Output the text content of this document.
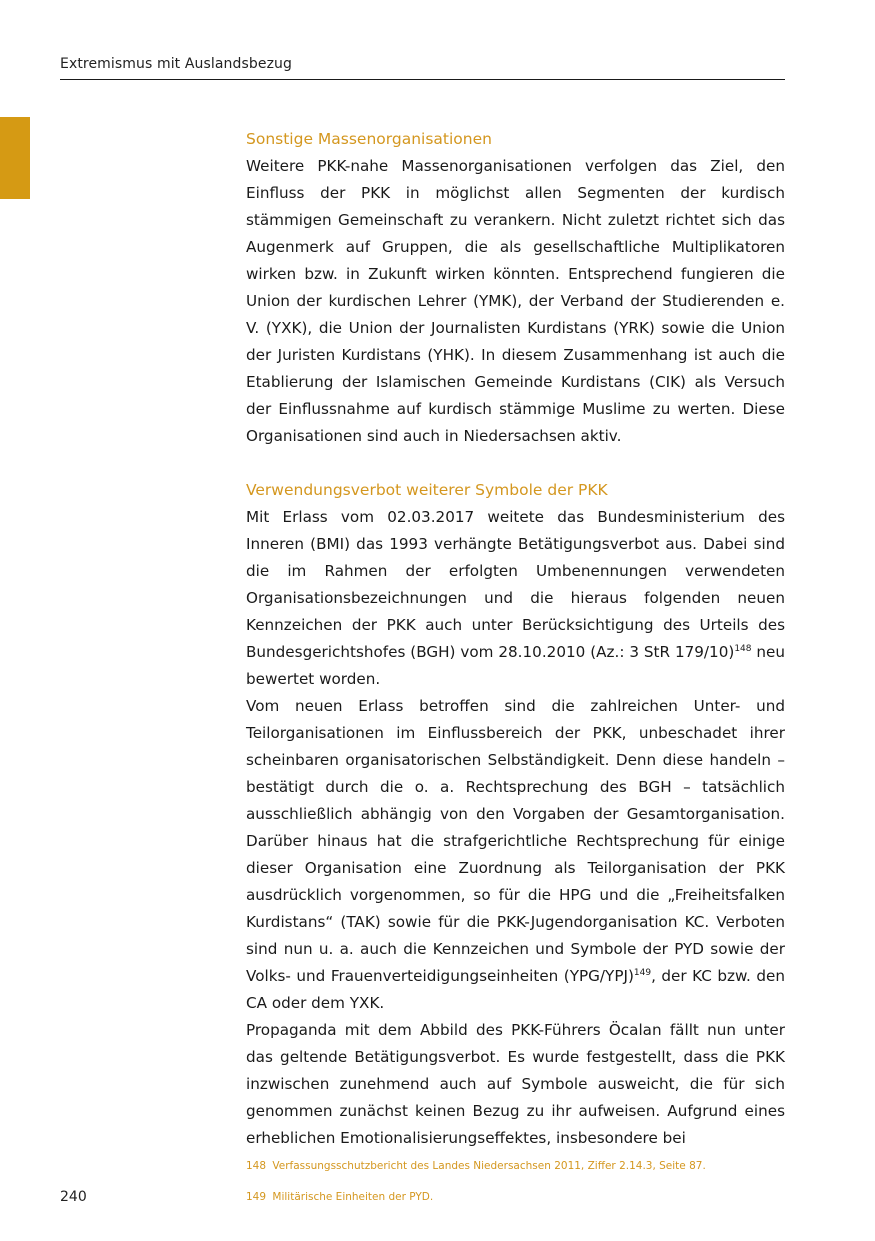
Extremismus mit Auslandsbezug
Sonstige Massenorganisationen

Weitere PKK-nahe Massenorganisationen verfolgen das Ziel, den Einfluss der PKK in möglichst allen Segmenten der kurdisch stämmigen Gemeinschaft zu verankern. Nicht zuletzt richtet sich das Augenmerk auf Gruppen, die als gesellschaftliche Multiplikatoren wirken bzw. in Zukunft wirken könnten. Entsprechend fungieren die Union der kurdischen Lehrer (YMK), der Verband der Studierenden e. V. (YXK), die Union der Journalisten Kurdistans (YRK) sowie die Union der Juristen Kurdistans (YHK). In diesem Zusammenhang ist auch die Etablierung der Islamischen Gemeinde Kurdistans (CIK) als Versuch der Einflussnahme auf kurdisch stämmige Muslime zu werten. Diese Organisationen sind auch in Niedersachsen aktiv.

Verwendungsverbot weiterer Symbole der PKK

Mit Erlass vom 02.03.2017 weitete das Bundesministerium des Inneren (BMI) das 1993 verhängte Betätigungsverbot aus. Dabei sind die im Rahmen der erfolgten Umbenennungen verwendeten Organisationsbezeichnungen und die hieraus folgenden neuen Kennzeichen der PKK auch unter Berücksichtigung des Urteils des Bundesgerichtshofes (BGH) vom 28.10.2010 (Az.: 3 StR 179/10)$^{148}$ neu bewertet worden.

Vom neuen Erlass betroffen sind die zahlreichen Unter- und Teilorganisationen im Einflussbereich der PKK, unbeschadet ihrer scheinbaren organisatorischen Selbständigkeit. Denn diese handeln – bestätigt durch die o. a. Rechtsprechung des BGH – tatsächlich ausschließlich abhängig von den Vorgaben der Gesamtorganisation. Darüber hinaus hat die strafgerichtliche Rechtsprechung für einige dieser Organisation eine Zuordnung als Teilorganisation der PKK ausdrücklich vorgenommen, so für die HPG und die „Freiheitsfalken Kurdistans“ (TAK) sowie für die PKK-Jugendorganisation KC. Verboten sind nun u. a. auch die Kennzeichen und Symbole der PYD sowie der Volks- und Frauenverteidigungseinheiten $(YPG/YPJ)^{149}$, der KC bzw. den CA oder dem YXK.

Propaganda mit dem Abbild des PKK-Führers Öcalan fällt nun unter das geltende Betätigungsverbot. Es wurde festgestellt, dass die PKK inzwischen zunehmend auch auf Symbole ausweicht, die für sich genommen zunächst keinen Bezug zu ihr aufweisen. Aufgrund eines erheblichen Emotionalisierungseffektes, insbesondere bei

148 Verfassungsschutzbericht des Landes Niedersachsen 2011, Ziffer 2.14.3, Seite 87.
149 Militärische Einheiten der PYD.
240
